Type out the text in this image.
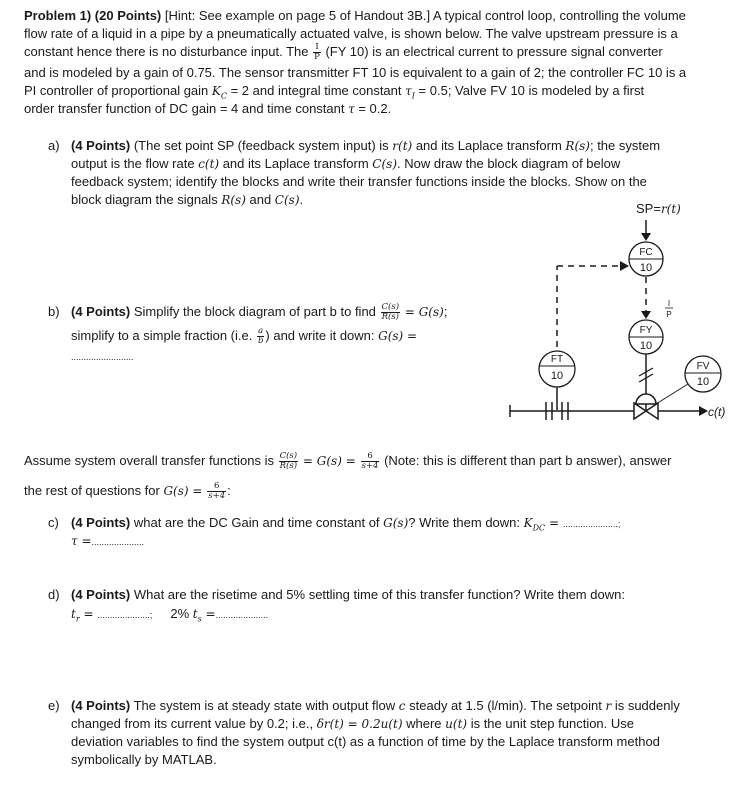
Problem 1) (20 Points) [Hint: See example on page 5 of Handout 3B.] A typical control loop, controlling the volume
flow rate of a liquid in a pipe by a pneumatically actuated valve, is shown below. The valve upstream pressure is a
constant hence there is no disturbance input. The $\frac{I}{P} (FY$ 10) is an electrical current to pressure signal converter
and is modeled by a gain of 0.75. The sensor transmitter FT 10 is equivalent to a gain of 2; the controller FC 10 is a
PI controller of proportional gain $K_C = 2$ and integral time constant $\tau_I = 0.5$; Valve FV 10 is modeled by a first
order transfer function of DC gain = 4 and time constant τ = 0.2.
a) (4 Points) (The set point SP (feedback system input) is r(t) and its Laplace transform R(s); the system
output is the flow rate c(t) and its Laplace transform C(s). Now draw the block diagram of below
feedback system; identify the blocks and write their transfer functions inside the blocks. Show on the
block diagram the signals R(s) and C(s).
b) (4 Points) Simplify the block diagram of part b to find $\frac{C(s)}{R(s)} = G(s)$;
simplify to a simple fraction (i.e. $\frac{a}{b}$ ) and write it down: G(s) =
.........................
SP=r(t)
FC
10
I
P
FY
10
FV
10
FT
10
c(t)
Assume system overall transfer functions is $\frac{C(s)}{R(s)} = G(s) = \frac{6}{s+4}$ (Note: this is different than part b answer), answer
the rest of questions for $G(s) = \frac{6}{s+4}$ :
c) (4 Points) what are the DC Gain and time constant of G(s)? Write them down: $K_{DC}$ = ......................;
τ =.....................
d) (4 Points) What are the risetime and 5% settling time of this transfer function? Write them down:
$t_r$ = .....................; 2% $t_s$ =.....................
e) (4 Points) The system is at steady state with output flow c steady at 1.5 (l/min). The setpoint r is suddenly
changed from its current value by 0.2; i.e., δr(t) = 0.2u(t) where u(t) is the unit step function. Use
deviation variables to find the system output c(t) as a function of time by the Laplace transform method
symbolically by MATLAB.
